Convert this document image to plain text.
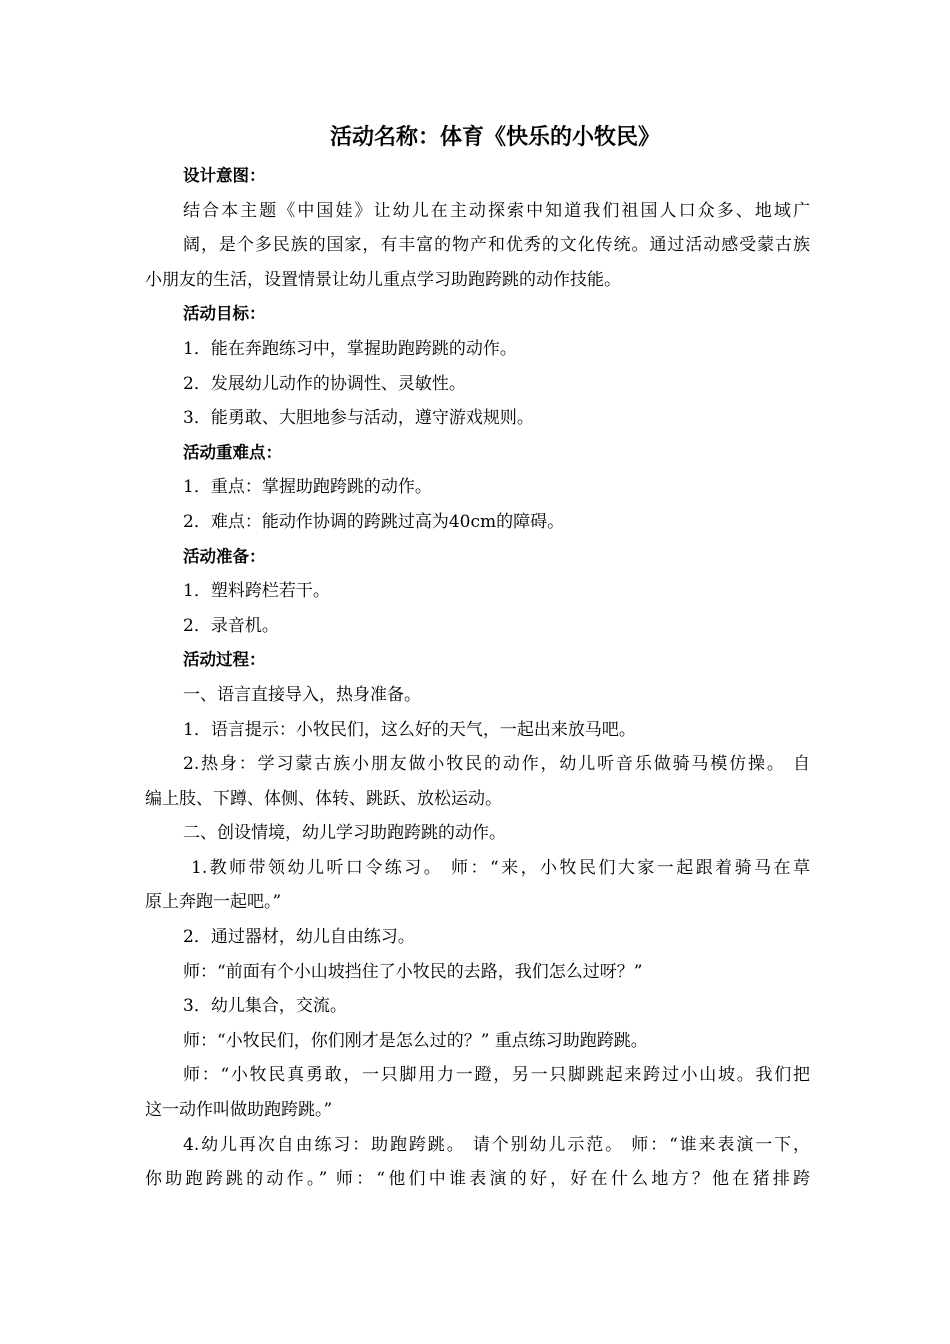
活动名称：体育《快乐的小牧民》

设计意图：

结合本主题《中国娃》让幼儿在主动探索中知道我们祖国人口众多、地域广

阔，是个多民族的国家，有丰富的物产和优秀的文化传统。通过活动感受蒙古族

小朋友的生活，设置情景让幼儿重点学习助跑跨跳的动作技能。

活动目标：

1．能在奔跑练习中，掌握助跑跨跳的动作。

2．发展幼儿动作的协调性、灵敏性。

3．能勇敢、大胆地参与活动，遵守游戏规则。

活动重难点：

1．重点：掌握助跑跨跳的动作。

2．难点：能动作协调的跨跳过高为40cm的障碍。

活动准备：

1．塑料跨栏若干。

2．录音机。

活动过程：

一、语言直接导入，热身准备。

1．语言提示：小牧民们，这么好的天气，一起出来放马吧。

2.热身：学习蒙古族小朋友做小牧民的动作，幼儿听音乐做骑马模仿操。 自

编上肢、下蹲、体侧、体转、跳跃、放松运动。

二、创设情境，幼儿学习助跑跨跳的动作。

1.教师带领幼儿听口令练习。 师：“来，小牧民们大家一起跟着骑马在草

原上奔跑一起吧。”

2．通过器材，幼儿自由练习。

师：“前面有个小山坡挡住了小牧民的去路，我们怎么过呀？”

3．幼儿集合，交流。

师：“小牧民们，你们刚才是怎么过的？” 重点练习助跑跨跳。

师：“小牧民真勇敢，一只脚用力一蹬，另一只脚跳起来跨过小山坡。我们把

这一动作叫做助跑跨跳。”

4.幼儿再次自由练习：助跑跨跳。 请个别幼儿示范。 师：“谁来表演一下，

你助跑跨跳的动作。” 师：“他们中谁表演的好，好在什么地方？他在猪排跨
